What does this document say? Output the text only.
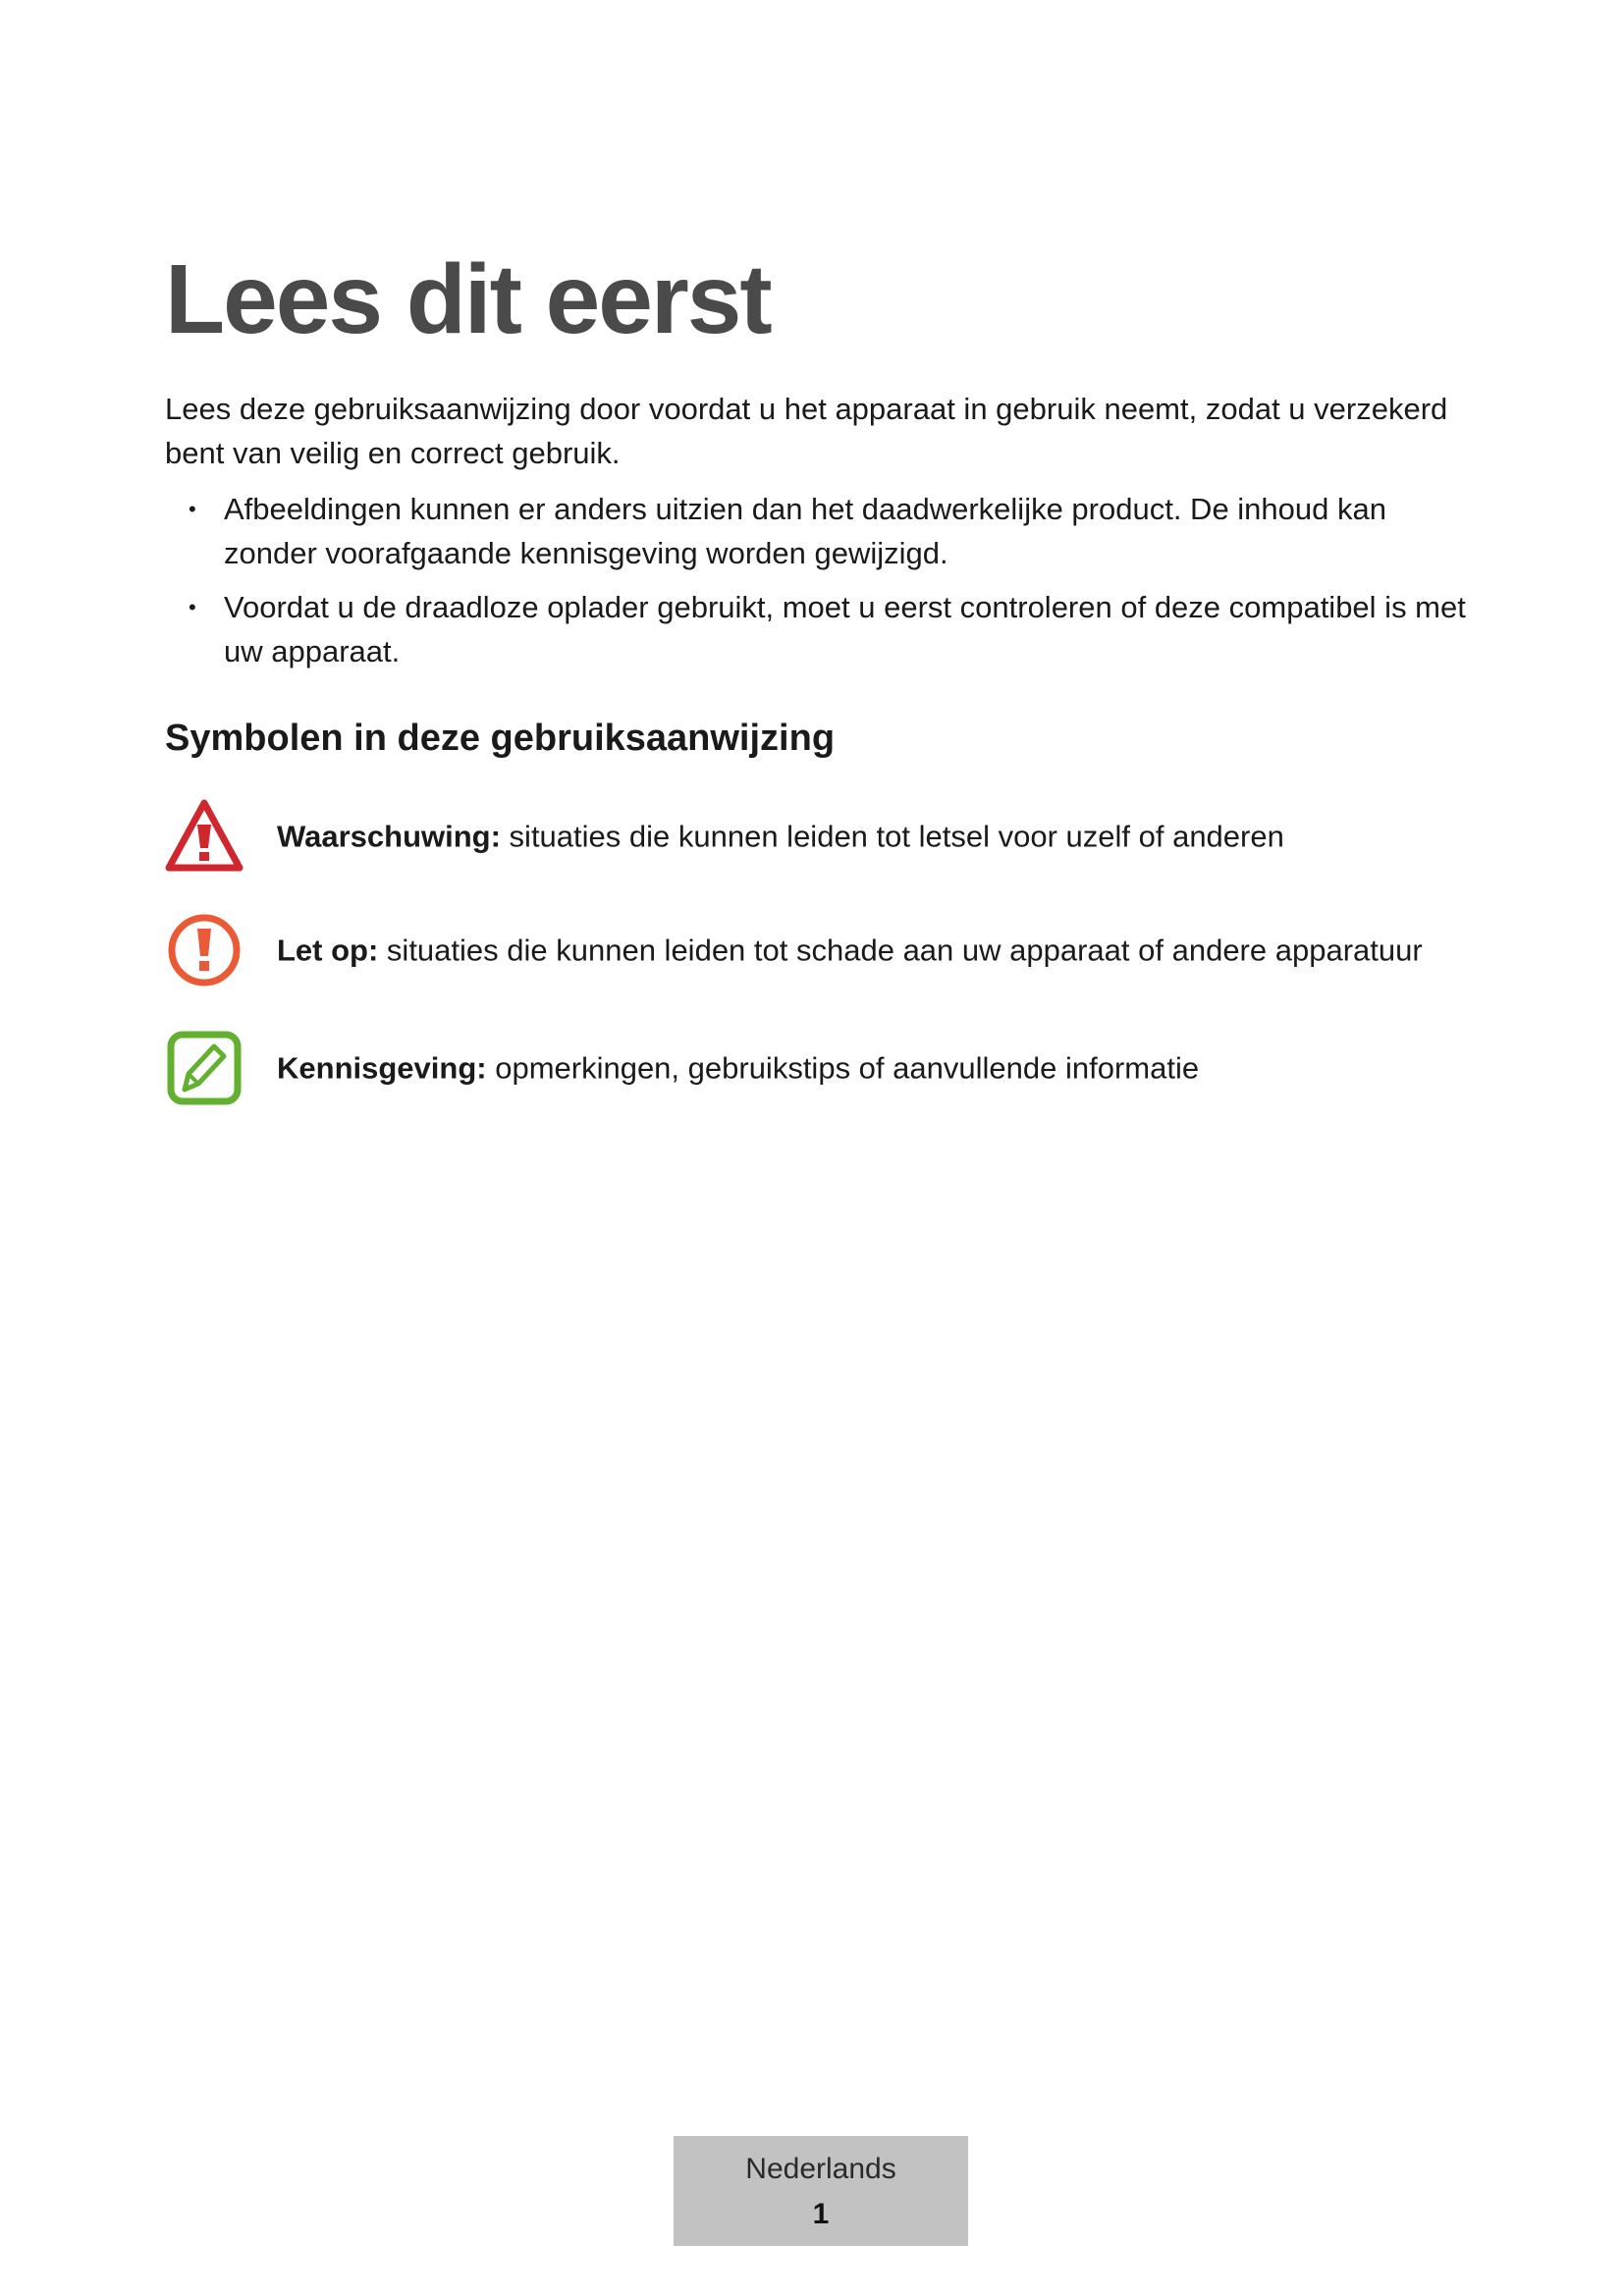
Lees dit eerst

Lees deze gebruiksaanwijzing door voordat u het apparaat in gebruik neemt, zodat u verzekerd bent van veilig en correct gebruik.

• Afbeeldingen kunnen er anders uitzien dan het daadwerkelijke product. De inhoud kan zonder voorafgaande kennisgeving worden gewijzigd.
• Voordat u de draadloze oplader gebruikt, moet u eerst controleren of deze compatibel is met uw apparaat.
Symbolen in deze gebruiksaanwijzing
Waarschuwing: situaties die kunnen leiden tot letsel voor uzelf of anderen
Let op: situaties die kunnen leiden tot schade aan uw apparaat of andere apparatuur
Kennisgeving: opmerkingen, gebruikstips of aanvullende informatie
Nederlands
1
